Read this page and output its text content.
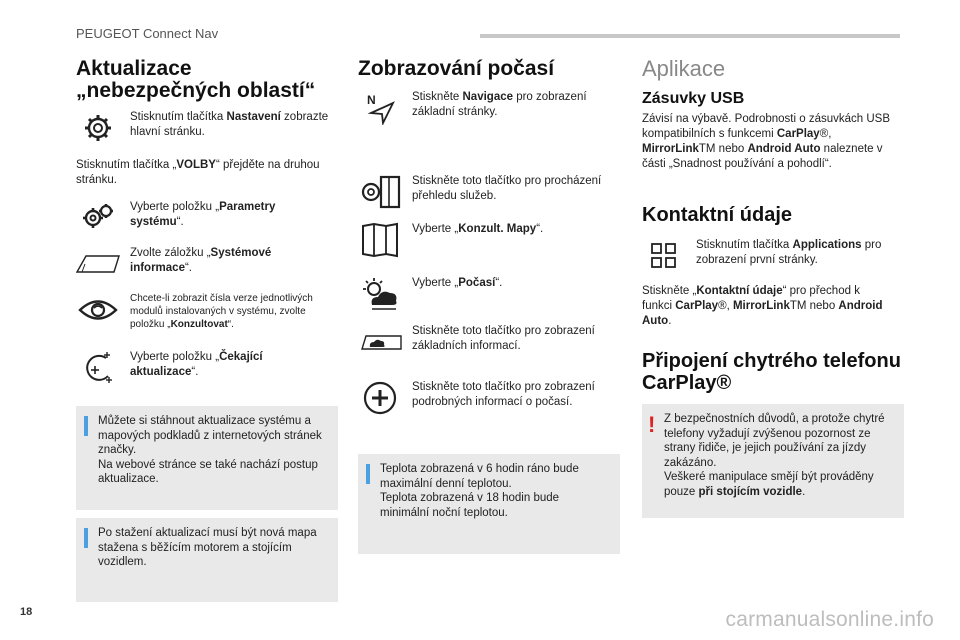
PEUGEOT Connect Nav
Aktualizace „nebezpečných oblastí“
Stisknutím tlačítka Nastavení zobrazte hlavní stránku.
Stisknutím tlačítka „VOLBY“ přejděte na druhou stránku.
Vyberte položku „Parametry systému“.
Zvolte záložku „Systémové informace“.
Chcete-li zobrazit čísla verze jednotlivých modulů instalovaných v systému, zvolte položku „Konzultovat“.
Vyberte položku „Čekající aktualizace“.
Můžete si stáhnout aktualizace systému a mapových podkladů z internetových stránek značky.
Na webové stránce se také nachází postup aktualizace.
Po stažení aktualizací musí být nová mapa stažena s běžícím motorem a stojícím vozidlem.
Zobrazování počasí
N	Stiskněte Navigace pro zobrazení základní stránky.
Stiskněte toto tlačítko pro procházení přehledu služeb.
Vyberte „Konzult. Mapy“.
Vyberte „Počasí“.
Stiskněte toto tlačítko pro zobrazení základních informací.
Stiskněte toto tlačítko pro zobrazení podrobných informací o počasí.
Teplota zobrazená v 6 hodin ráno bude maximální denní teplotou.
Teplota zobrazená v 18 hodin bude minimální noční teplotou.
Aplikace
Zásuvky USB
Závisí na výbavě. Podrobnosti o zásuvkách USB kompatibilních s funkcemi CarPlay®, MirrorLinkTM nebo Android Auto naleznete v části „Snadnost používání a pohodlí“.
Kontaktní údaje
Stisknutím tlačítka Applications pro zobrazení první stránky.
Stiskněte „Kontaktní údaje“ pro přechod k funkci CarPlay®, MirrorLinkTM nebo Android Auto.
Připojení chytrého telefonu CarPlay®
! Z bezpečnostních důvodů, a protože chytré telefony vyžadují zvýšenou pozornost ze strany řidiče, je jejich používání za jízdy zakázáno.
Veškeré manipulace smějí být prováděny pouze při stojícím vozidle.
18	carmanualsonline.info
